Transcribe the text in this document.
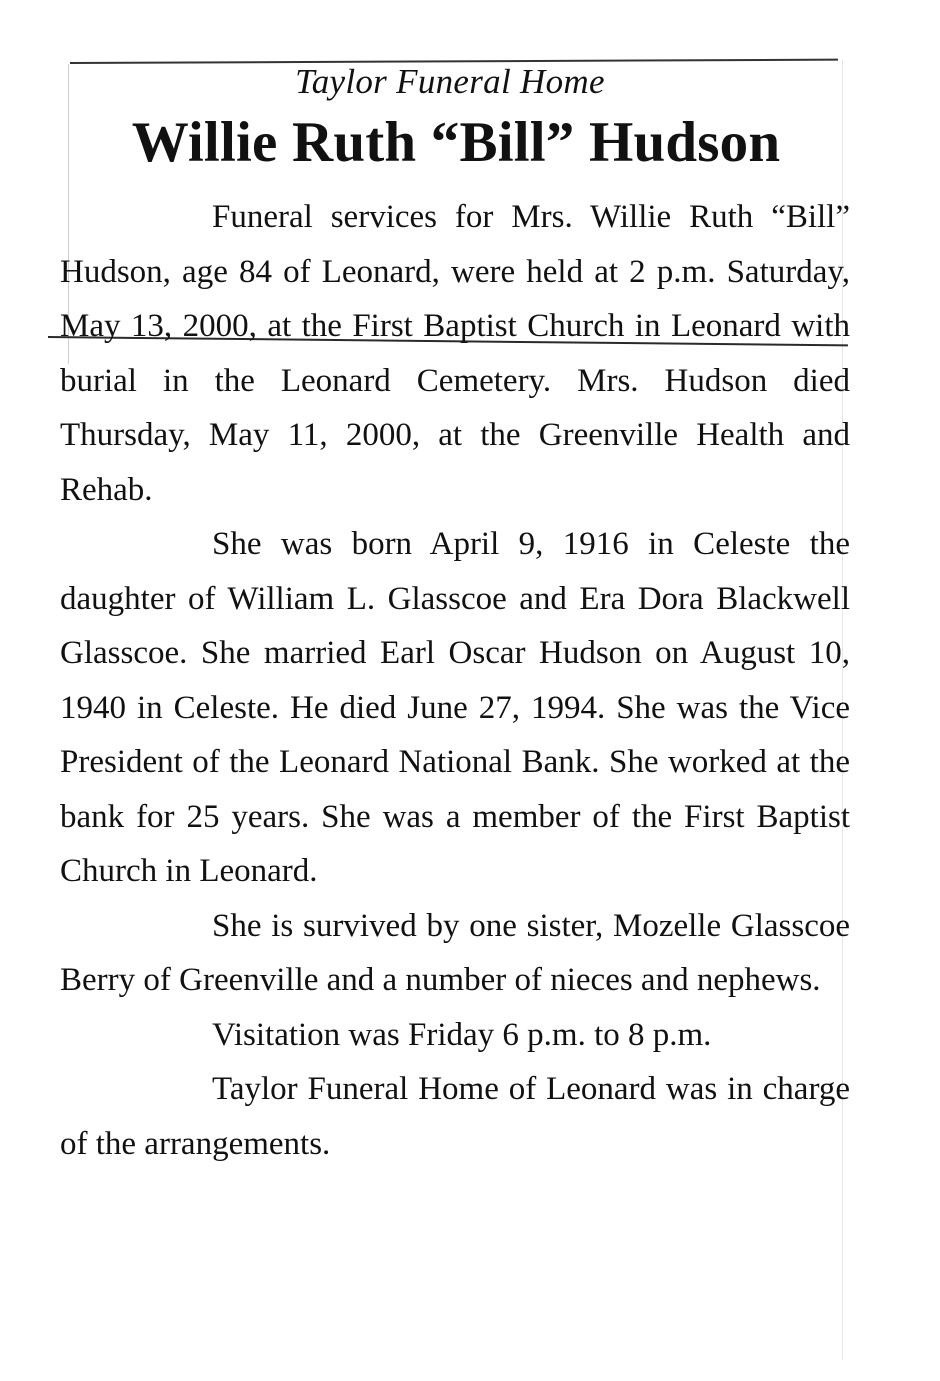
Taylor Funeral Home
Willie Ruth “Bill” Hudson

Funeral services for Mrs. Willie Ruth “Bill” Hudson, age 84 of Leonard, were held at 2 p.m. Saturday, May 13, 2000, at the First Baptist Church in Leonard with burial in the Leonard Cemetery. Mrs. Hudson died Thursday, May 11, 2000, at the Greenville Health and Rehab.

She was born April 9, 1916 in Celeste the daughter of William L. Glasscoe and Era Dora Blackwell Glasscoe. She married Earl Oscar Hudson on August 10, 1940 in Celeste. He died June 27, 1994. She was the Vice President of the Leonard National Bank. She worked at the bank for 25 years. She was a member of the First Baptist Church in Leonard.

She is survived by one sister, Mozelle Glasscoe Berry of Greenville and a number of nieces and nephews.

Visitation was Friday 6 p.m. to 8 p.m.

Taylor Funeral Home of Leonard was in charge of the arrangements.
